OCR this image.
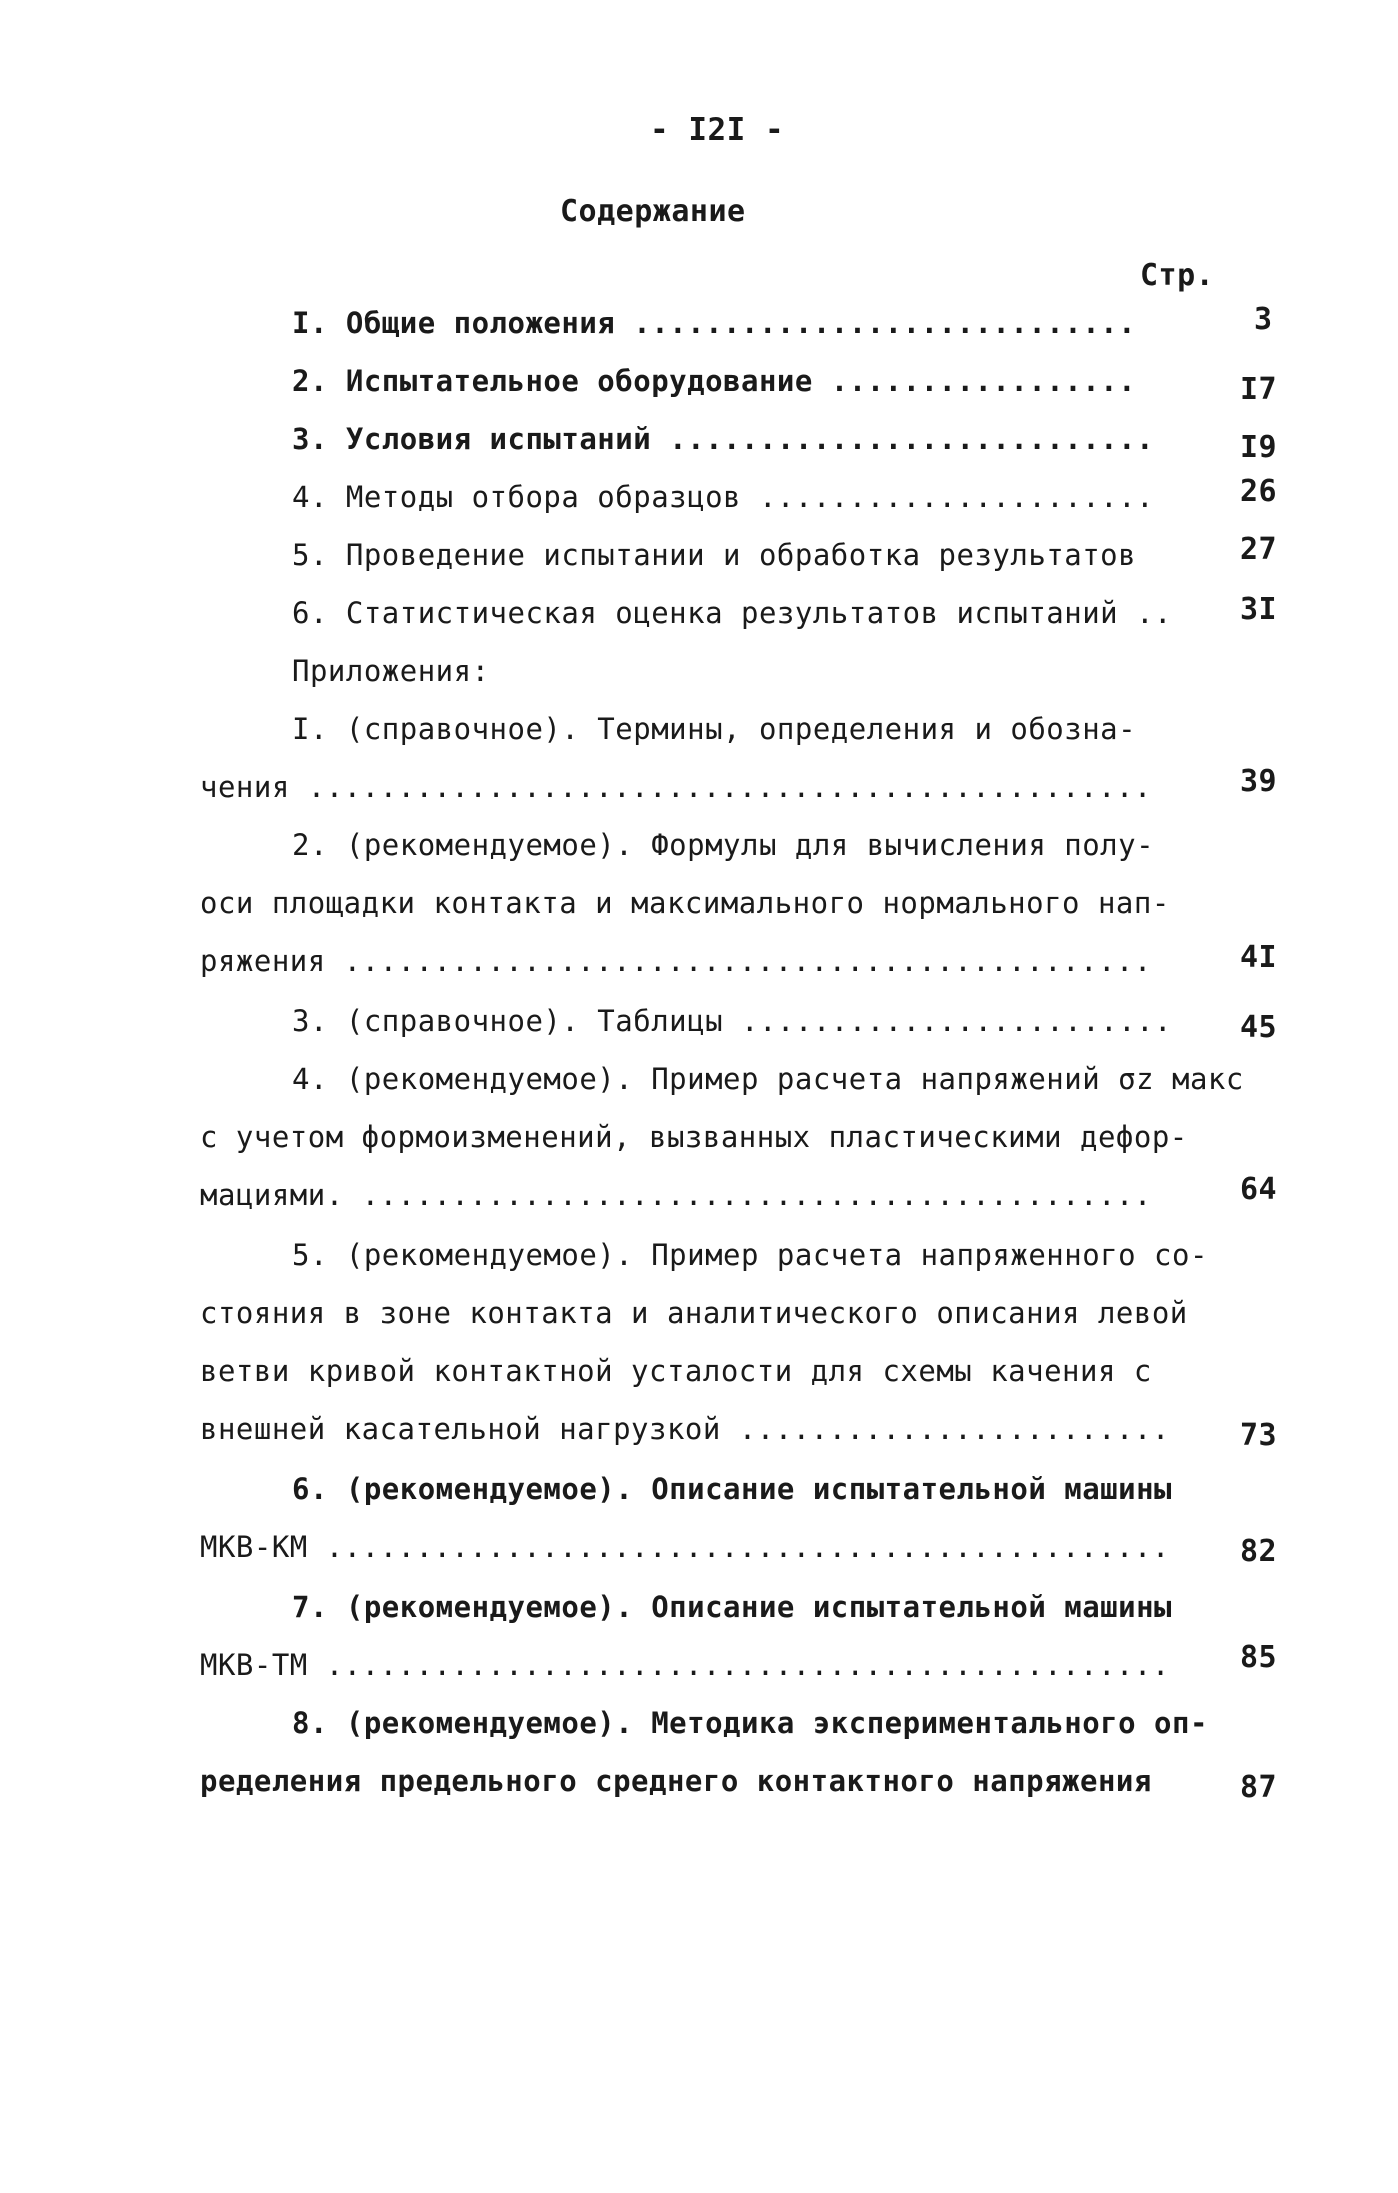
- I2I -
Содержание
Стр.
I. Общие положения ............................	3
2. Испытательное оборудование .................	I7
3. Условия испытаний ...........................	I9
4. Методы отбора образцов ......................	26
5. Проведение испытании и обработка результатов	27
6. Статистическая оценка результатов испытаний .. 3I
Приложения:
I. (справочное). Термины, определения и обозна-
чения ...............................................	39
2. (рекомендуемое). Формулы для вычисления полу-
оси площадки контакта и максимального нормального нап-
ряжения .............................................	4I
3. (справочное). Таблицы ........................ 45
4. (рекомендуемое). Пример расчета напряжений σz макс
с учетом формоизменений, вызванных пластическими дефор-
мациями. ............................................	64
5. (рекомендуемое). Пример расчета напряженного со-
стояния в зоне контакта и аналитического описания левой
ветви кривой контактной усталости для схемы качения с
внешней касательной нагрузкой ........................ 73
6. (рекомендуемое). Описание испытательной машины
МКВ-КМ ............................................... 82
7. (рекомендуемое). Описание испытательной машины
МКВ-ТМ ............................................... 85
8. (рекомендуемое). Методика экспериментального оп-
ределения предельного среднего контактного напряжения	87
